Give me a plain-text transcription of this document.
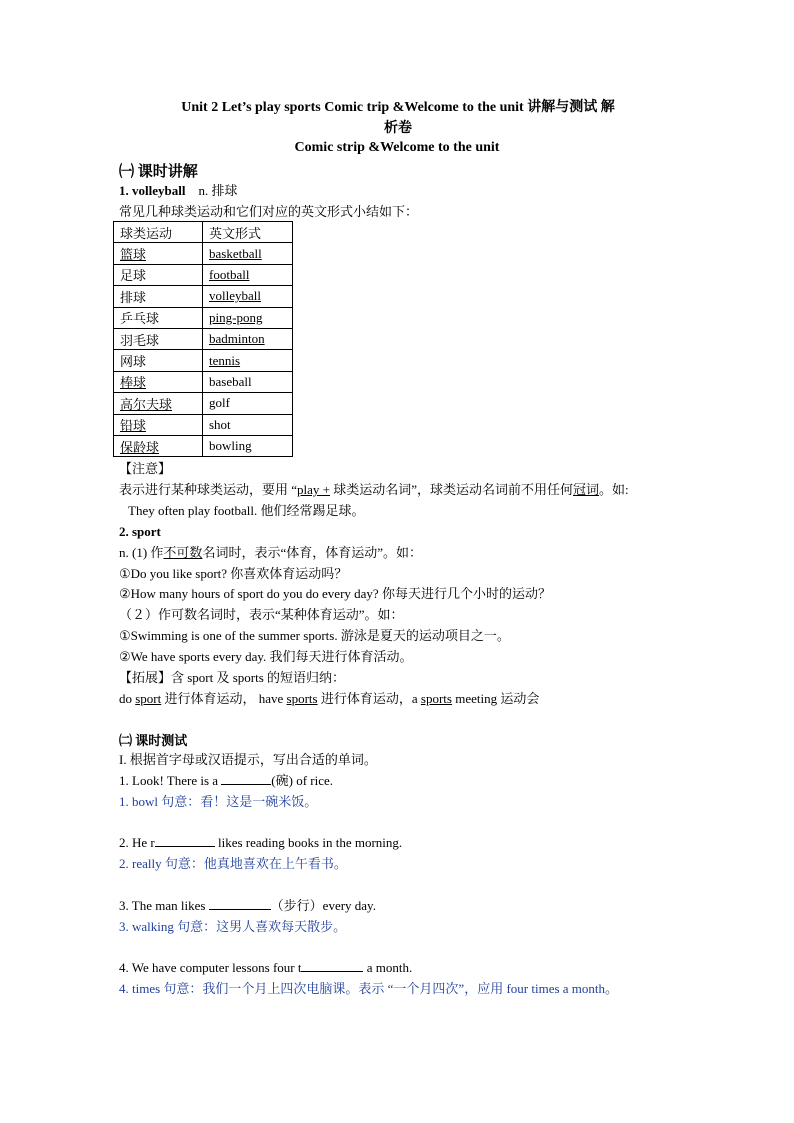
Unit 2 Let’s play sports Comic trip &Welcome to the unit 讲解与测试 解
析卷
Comic strip &Welcome to the unit
㈠ 课时讲解
1. volleyball n. 排球
常见几种球类运动和它们对应的英文形式小结如下：
球类运动	英文形式
篮球	basketball
足球	football
排球	volleyball
乒乓球	ping-pong
羽毛球	badminton
网球	tennis
棒球	baseball
高尔夫球	golf
铅球	shot
保龄球	bowling
【注意】
表示进行某种球类运动，要用 “play + 球类运动名词”，球类运动名词前不用任何冠词。如:
They often play football. 他们经常踢足球。
2. sport
n. (1) 作不可数名词时，表示“体育，体育运动”。如：
①Do you like sport? 你喜欢体育运动吗？
②How many hours of sport do you do every day? 你每天进行几个小时的运动？
（２）作可数名词时，表示“某种体育运动”。如：
①Swimming is one of the summer sports. 游泳是夏天的运动项目之一。
②We have sports every day. 我们每天进行体育活动。
【拓展】含 sport 及 sports 的短语归纳：
do sport 进行体育运动， have sports 进行体育运动，a sports meeting 运动会
㈡ 课时测试
I. 根据首字母或汉语提示，写出合适的单词。
1. Look! There is a	(碗) of rice.
1. bowl 句意：看！这是一碗米饭。
2. He r	likes reading books in the morning.
2. really 句意：他真地喜欢在上午看书。
3. The man likes	（步行）every day.
3. walking 句意：这男人喜欢每天散步。
4. We have computer lessons four t	a month.
4. times 句意：我们一个月上四次电脑课。表示 “一个月四次”，应用 four times a month。
